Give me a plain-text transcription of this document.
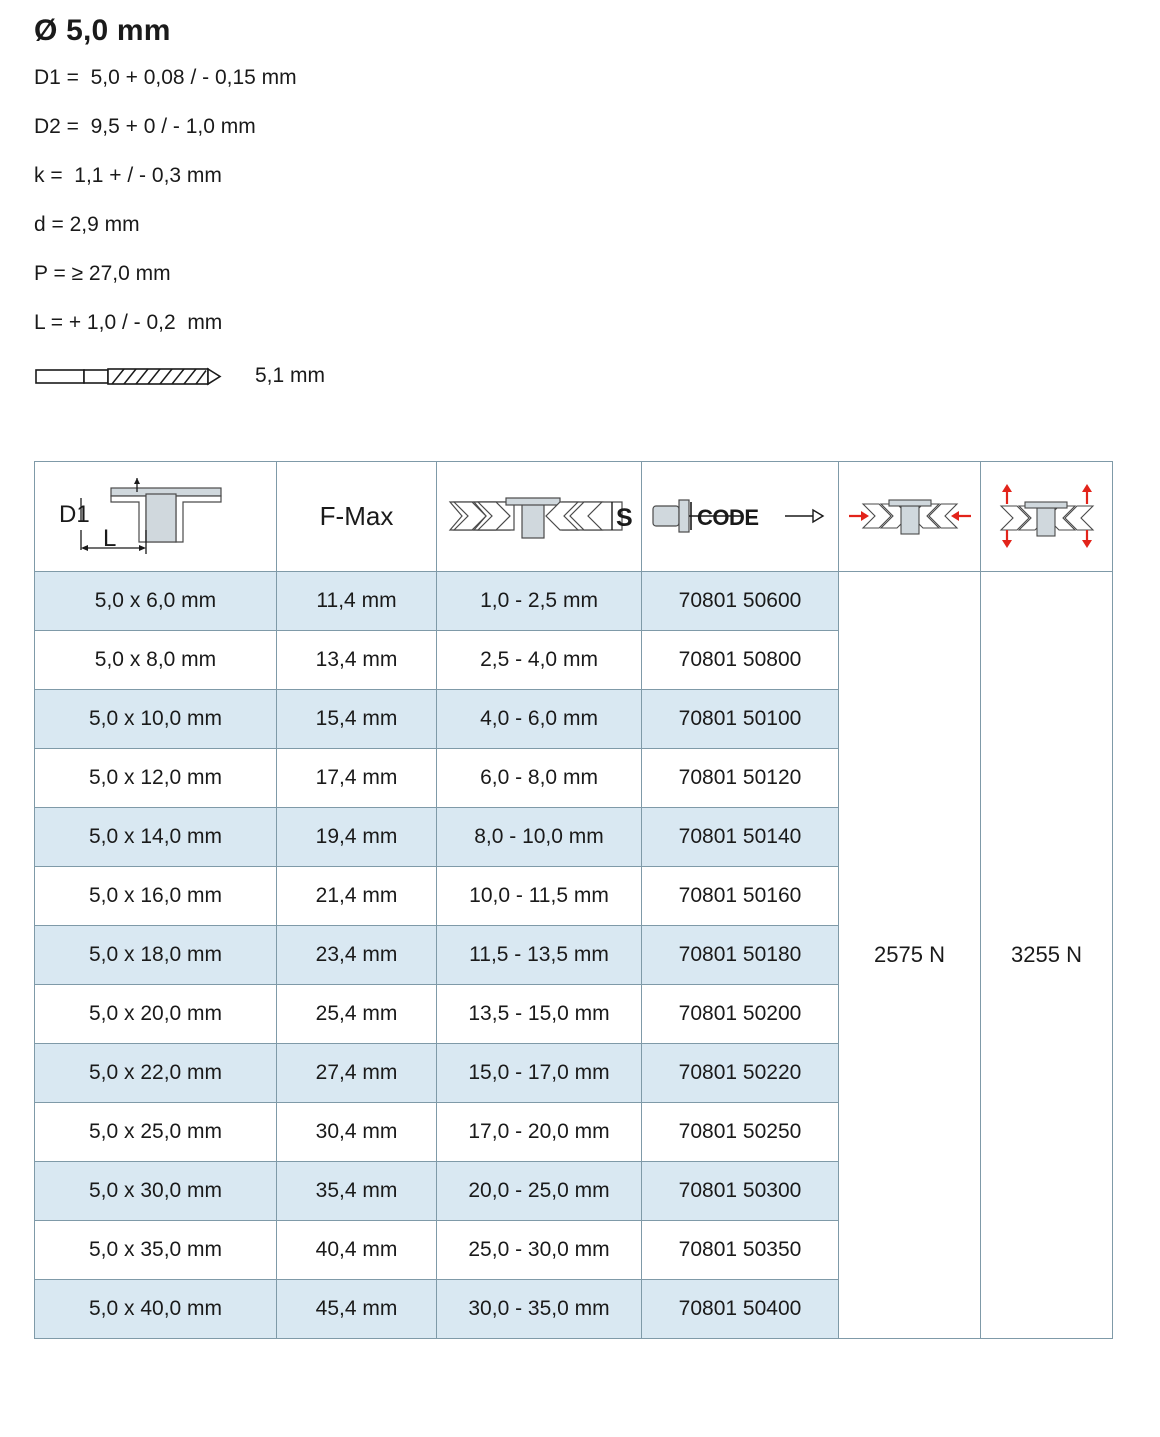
Ø 5,0 mm
D1 =  5,0 + 0,08 / - 0,15 mm
D2 =  9,5 + 0 / - 1,0 mm
k =  1,1 + / - 0,3 mm
d = 2,9 mm
P = ≥ 27,0 mm
L = + 1,0 / - 0,2  mm
5,1 mm
D1
L	F-Max	S	CODE

5,0 x 6,0 mm	11,4 mm	1,0 - 2,5 mm	70801 50600	2575 N	3255 N
5,0 x 8,0 mm	13,4 mm	2,5 - 4,0 mm	70801 50800		
5,0 x 10,0 mm	15,4 mm	4,0 - 6,0 mm	70801 50100		
5,0 x 12,0 mm	17,4 mm	6,0 - 8,0 mm	70801 50120		
5,0 x 14,0 mm	19,4 mm	8,0 - 10,0 mm	70801 50140		
5,0 x 16,0 mm	21,4 mm	10,0 - 11,5 mm	70801 50160		
5,0 x 18,0 mm	23,4 mm	11,5 - 13,5 mm	70801 50180		
5,0 x 20,0 mm	25,4 mm	13,5 - 15,0 mm	70801 50200		
5,0 x 22,0 mm	27,4 mm	15,0 - 17,0 mm	70801 50220		
5,0 x 25,0 mm	30,4 mm	17,0 - 20,0 mm	70801 50250		
5,0 x 30,0 mm	35,4 mm	20,0 - 25,0 mm	70801 50300		
5,0 x 35,0 mm	40,4 mm	25,0 - 30,0 mm	70801 50350		
5,0 x 40,0 mm	45,4 mm	30,0 - 35,0 mm	70801 50400		
